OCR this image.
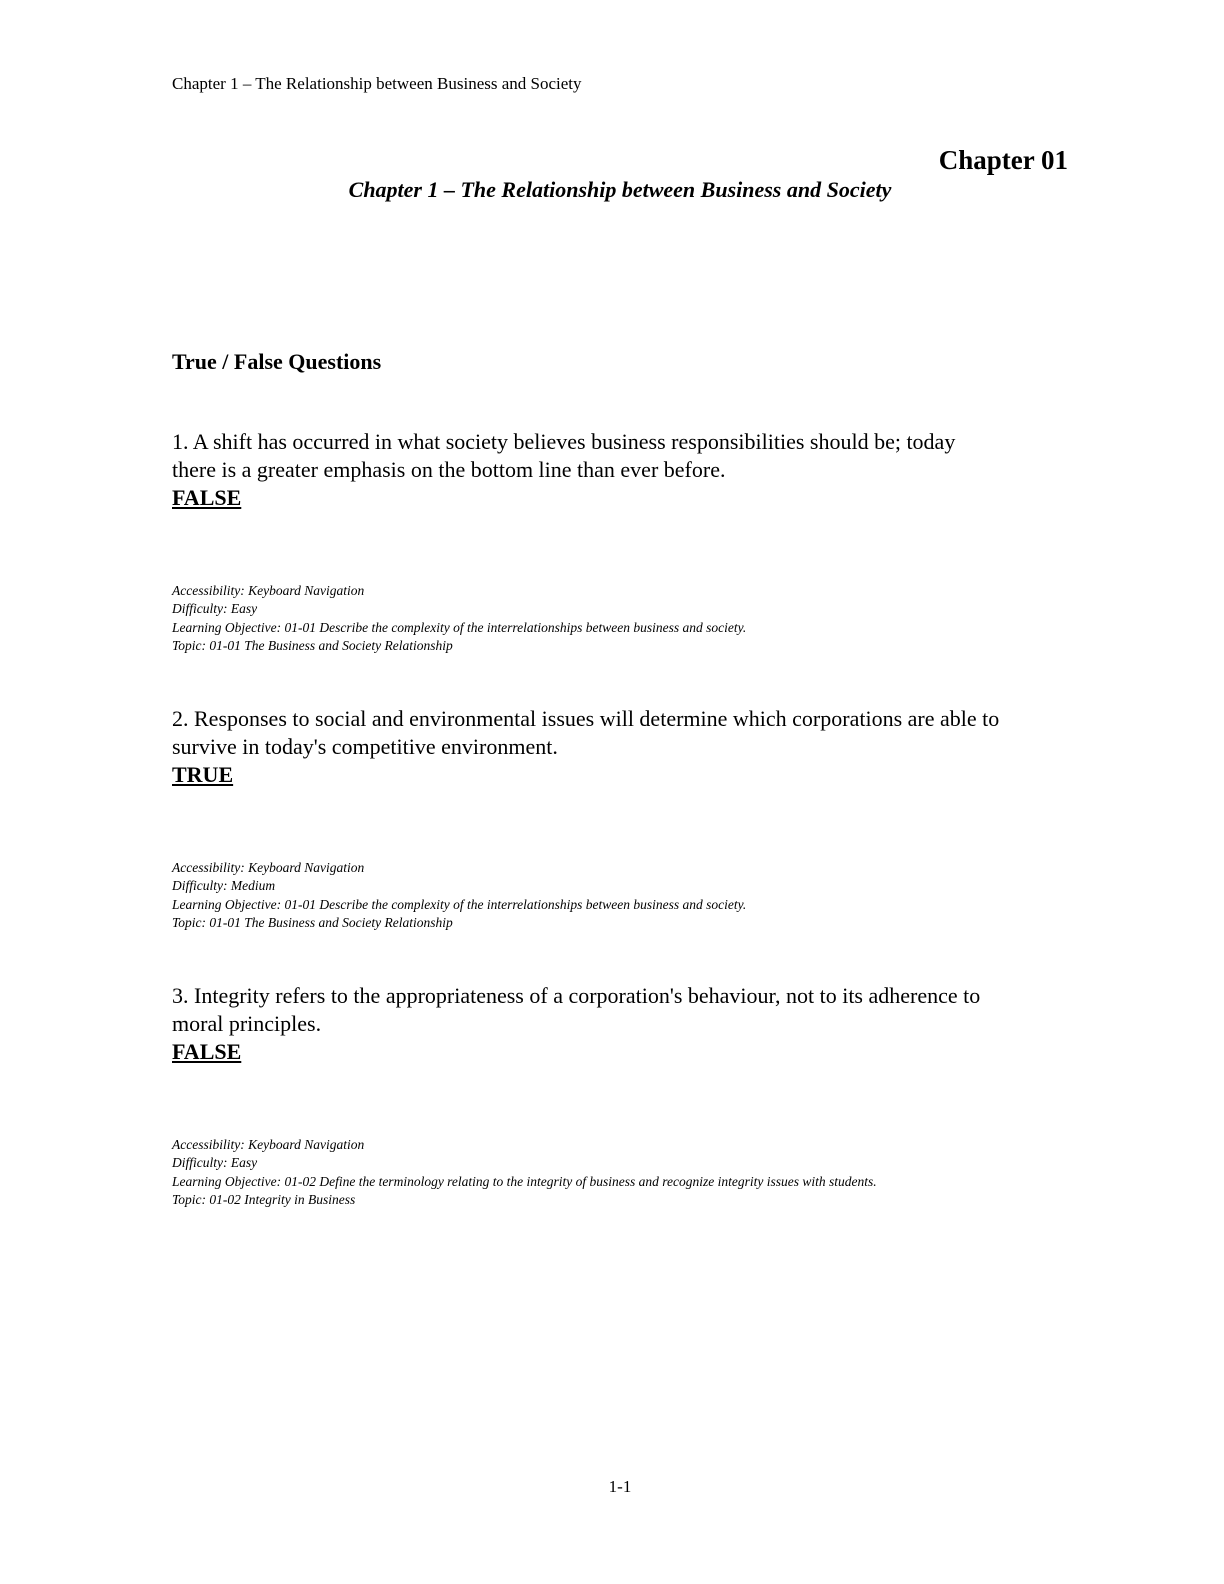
Chapter 1 – The Relationship between Business and Society
Chapter 01
Chapter 1 – The Relationship between Business and Society
True / False Questions

1. A shift has occurred in what society believes business responsibilities should be; today

there is a greater emphasis on the bottom line than ever before.

FALSE

Accessibility: Keyboard Navigation
Difficulty: Easy
Learning Objective: 01-01 Describe the complexity of the interrelationships between business and society.
Topic: 01-01 The Business and Society Relationship

2. Responses to social and environmental issues will determine which corporations are able to

survive in today's competitive environment.

TRUE

Accessibility: Keyboard Navigation
Difficulty: Medium
Learning Objective: 01-01 Describe the complexity of the interrelationships between business and society.
Topic: 01-01 The Business and Society Relationship

3. Integrity refers to the appropriateness of a corporation's behaviour, not to its adherence to

moral principles.

FALSE

Accessibility: Keyboard Navigation
Difficulty: Easy
Learning Objective: 01-02 Define the terminology relating to the integrity of business and recognize integrity issues with students.
Topic: 01-02 Integrity in Business
1-1
